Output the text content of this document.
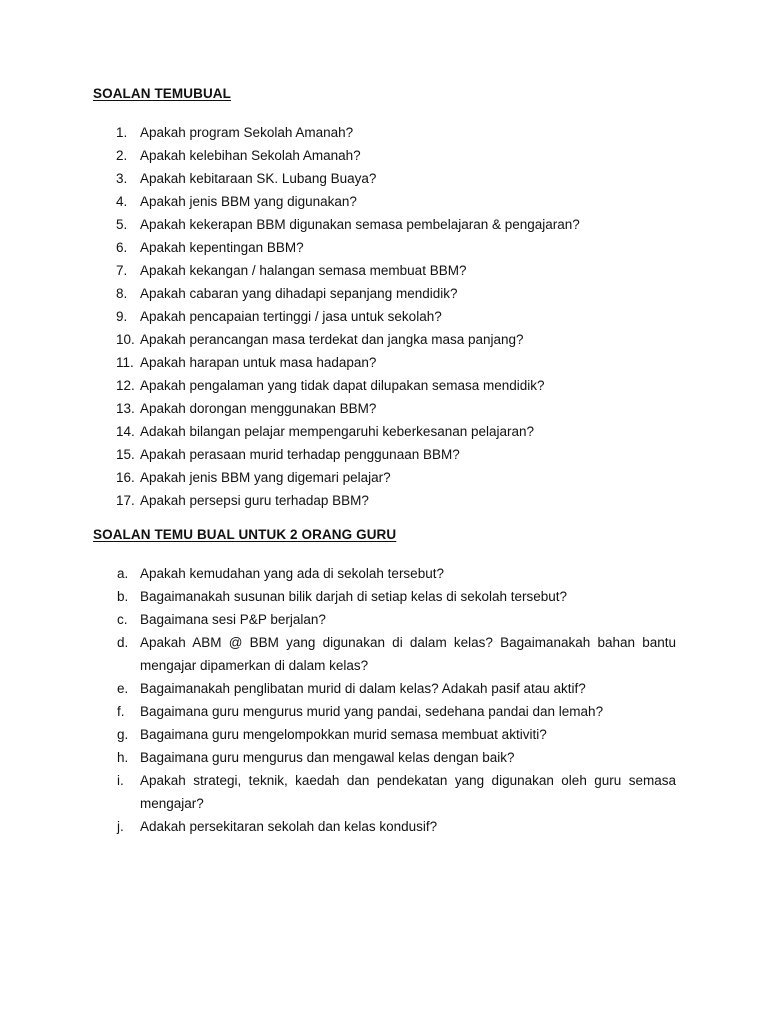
SOALAN TEMUBUAL
1. Apakah program Sekolah Amanah?
2. Apakah kelebihan Sekolah Amanah?
3. Apakah kebitaraan SK. Lubang Buaya?
4. Apakah jenis BBM yang digunakan?
5. Apakah kekerapan BBM digunakan semasa pembelajaran & pengajaran?
6. Apakah kepentingan BBM?
7. Apakah kekangan / halangan semasa membuat BBM?
8. Apakah cabaran yang dihadapi sepanjang mendidik?
9. Apakah pencapaian tertinggi / jasa untuk sekolah?
10. Apakah perancangan masa terdekat dan jangka masa panjang?
11. Apakah harapan untuk masa hadapan?
12. Apakah pengalaman yang tidak dapat dilupakan semasa mendidik?
13. Apakah dorongan menggunakan BBM?
14. Adakah bilangan pelajar mempengaruhi keberkesanan pelajaran?
15. Apakah perasaan murid terhadap penggunaan BBM?
16. Apakah jenis BBM yang digemari pelajar?
17. Apakah persepsi guru terhadap BBM?
SOALAN TEMU BUAL UNTUK 2 ORANG GURU
a. Apakah kemudahan yang ada di sekolah tersebut?
b. Bagaimanakah susunan bilik darjah di setiap kelas di sekolah tersebut?
c. Bagaimana sesi P&P berjalan?
d. Apakah ABM @ BBM yang digunakan di dalam kelas? Bagaimanakah bahan bantu mengajar dipamerkan di dalam kelas?
e. Bagaimanakah penglibatan murid di dalam kelas? Adakah pasif atau aktif?
f.	Bagaimana guru mengurus murid yang pandai, sedehana pandai dan lemah?
g. Bagaimana guru mengelompokkan murid semasa membuat aktiviti?
h. Bagaimana guru mengurus dan mengawal kelas dengan baik?
i.	Apakah strategi, teknik, kaedah dan pendekatan yang digunakan oleh guru semasa mengajar?
j.	Adakah persekitaran sekolah dan kelas kondusif?
